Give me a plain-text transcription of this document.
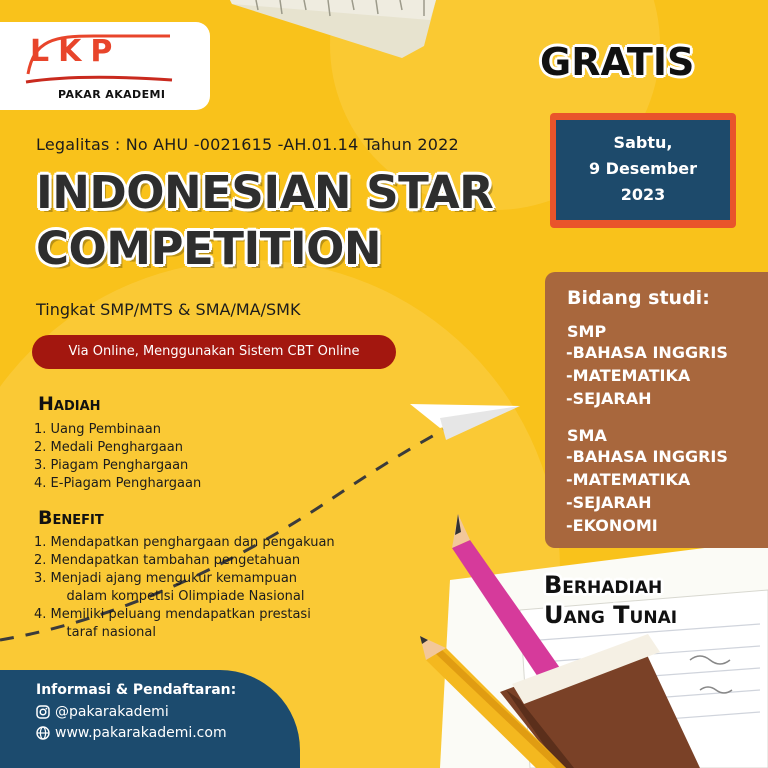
L K P
PAKAR AKADEMI
Legalitas : No AHU -0021615 -AH.01.14 Tahun 2022
INDONESIAN STAR
COMPETITION
Tingkat SMP/MTS & SMA/MA/SMK
Via Online, Menggunakan Sistem CBT Online
Hadiah
1. Uang Pembinaan
2. Medali Penghargaan
3. Piagam Penghargaan
4. E-Piagam Penghargaan
Benefit
1. Mendapatkan penghargaan dan pengakuan
2. Mendapatkan tambahan pengetahuan
3. Menjadi ajang mengukur kemampuan
dalam kompetisi Olimpiade Nasional
4. Memiliki peluang mendapatkan prestasi
taraf nasional
Informasi & Pendaftaran:
@pakarakademi
www.pakarakademi.com
GRATIS
Sabtu,
9 Desember
2023
Bidang studi:
SMP
-BAHASA INGGRIS
-MATEMATIKA
-SEJARAH
SMA
-BAHASA INGGRIS
-MATEMATIKA
-SEJARAH
-EKONOMI
Berhadiah
Uang Tunai
